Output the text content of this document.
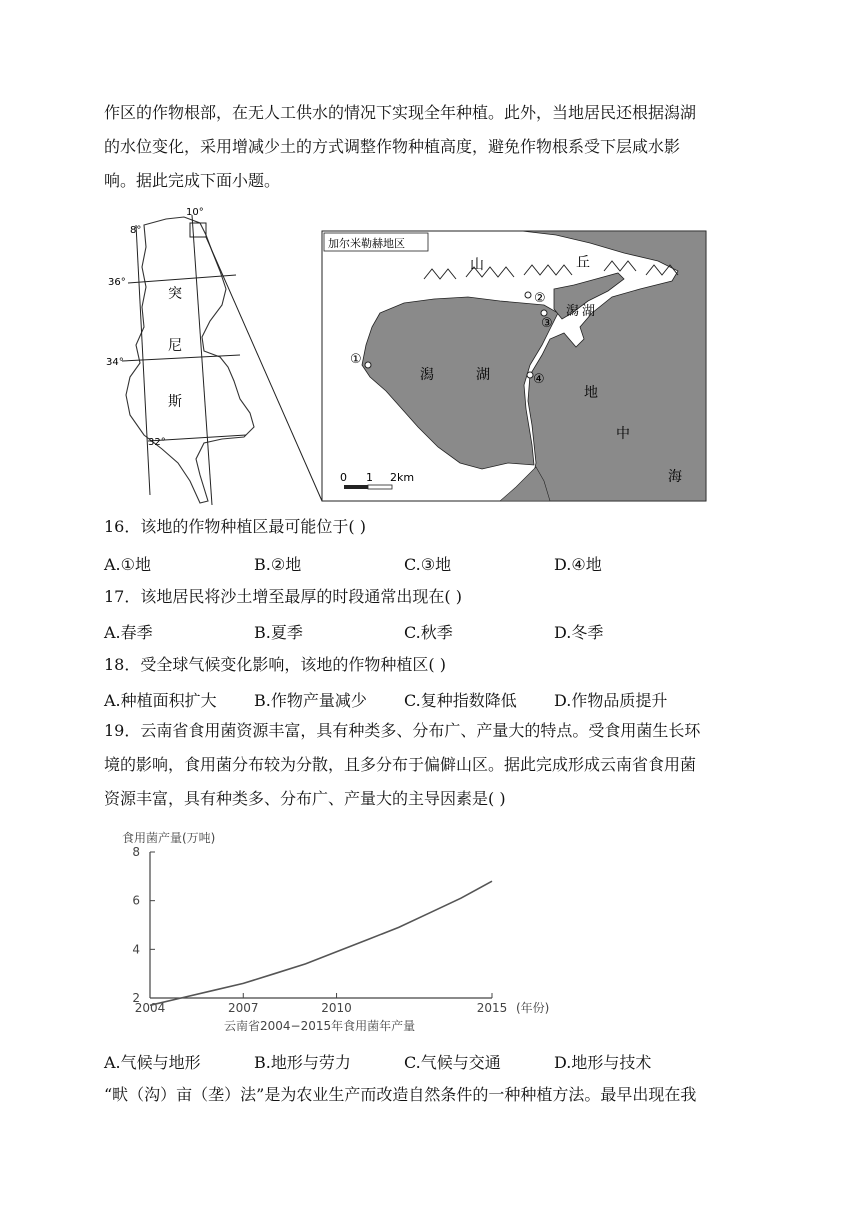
作区的作物根部，在无人工供水的情况下实现全年种植。此外，当地居民还根据潟湖
的水位变化，采用增减少土的方式调整作物种植高度，避免作物根系受下层咸水影
响。据此完成下面小题。
10°
8°
36°
34°
32°
突
尼
斯
加尔米勒赫地区
山	丘
潟 湖
潟	湖
地
中
海
①
②
③
④
0 1 2km
16．该地的作物种植区最可能位于( )
A.①地	B.②地	C.③地	D.④地
17．该地居民将沙土增至最厚的时段通常出现在( )
A.春季	B.夏季	C.秋季	D.冬季
18．受全球气候变化影响，该地的作物种植区( )
A.种植面积扩大 B.作物产量减少 C.复种指数降低 D.作物品质提升
19．云南省食用菌资源丰富，具有种类多、分布广、产量大的特点。受食用菌生长环
境的影响，食用菌分布较为分散，且多分布于偏僻山区。据此完成形成云南省食用菌
资源丰富，具有种类多、分布广、产量大的主导因素是( )
食用菌产量(万吨)
2
4
6
8
2004	2007	2010	2015 (年份)
云南省2004−2015年食用菌年产量
A.气候与地形	B.地形与劳力	C.气候与交通	D.地形与技术
“畎（沟）亩（垄）法”是为农业生产而改造自然条件的一种种植方法。最早出现在我
